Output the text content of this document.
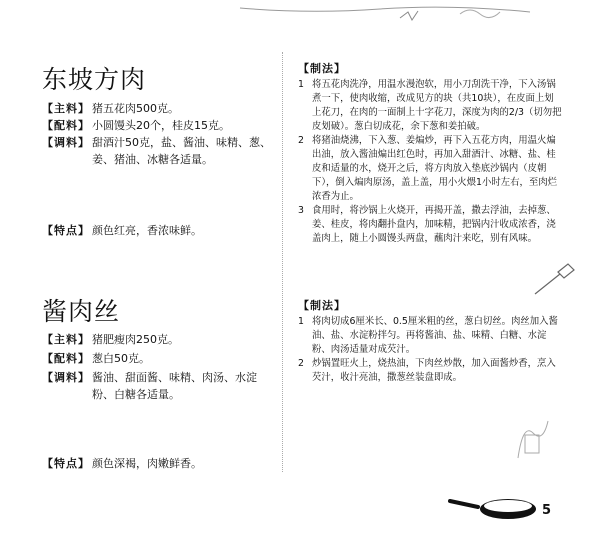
东坡方肉
【主料】 猪五花肉500克。
【配料】 小圆馒头20个，桂皮15克。
【调料】 甜酒汁50克，盐、酱油、味精、葱、姜、猪油、冰糖各适量。
【特点】 颜色红亮，香浓味鲜。
【制法】
1 将五花肉洗净，用温水漫泡软，用小刀刮洗干净，下入汤锅煮一下，使肉收缩，改成见方的块（共10块），在皮面上划上花刀，在肉的一面制上十字花刀，深度为肉的2/3（切勿把皮划破）。葱白切成花，余下葱和姜拍破。
2 将猪油烧沸，下入葱、姜煸炒，再下入五花方肉，用温火煸出油，放入酱油煸出红色时，再加入甜酒汁、冰糖、盐、桂皮和适量的水，烧开之后，将方肉放入垫底沙锅内（皮朝下），倒入煸肉原汤，盖上盖，用小火煨1小时左右，至肉烂浓香为止。
3 食用时，将沙锅上火烧开，再揭开盖，撒去浮油，去掉葱、姜、桂皮，将肉翻扑盘内，加味精，把锅内汁收成浓香，浇盖肉上，随上小圆馒头两盘，蘸肉汁来吃，别有风味。
酱肉丝
【主料】 猪肥瘦肉250克。
【配料】 葱白50克。
【调料】 酱油、甜面酱、味精、肉汤、水淀粉、白糖各适量。
【特点】 颜色深褐，肉嫩鲜香。
【制法】
1 将肉切成6厘米长、0.5厘米粗的丝，葱白切丝。肉丝加入酱油、盐、水淀粉拌匀。再将酱油、盐、味精、白糖、水淀粉、肉汤适量对成芡汁。
2 炒锅置旺火上，烧热油，下肉丝炒散，加入面酱炒香，烹入芡汁，收汁亮油，撒葱丝装盘即成。
5
